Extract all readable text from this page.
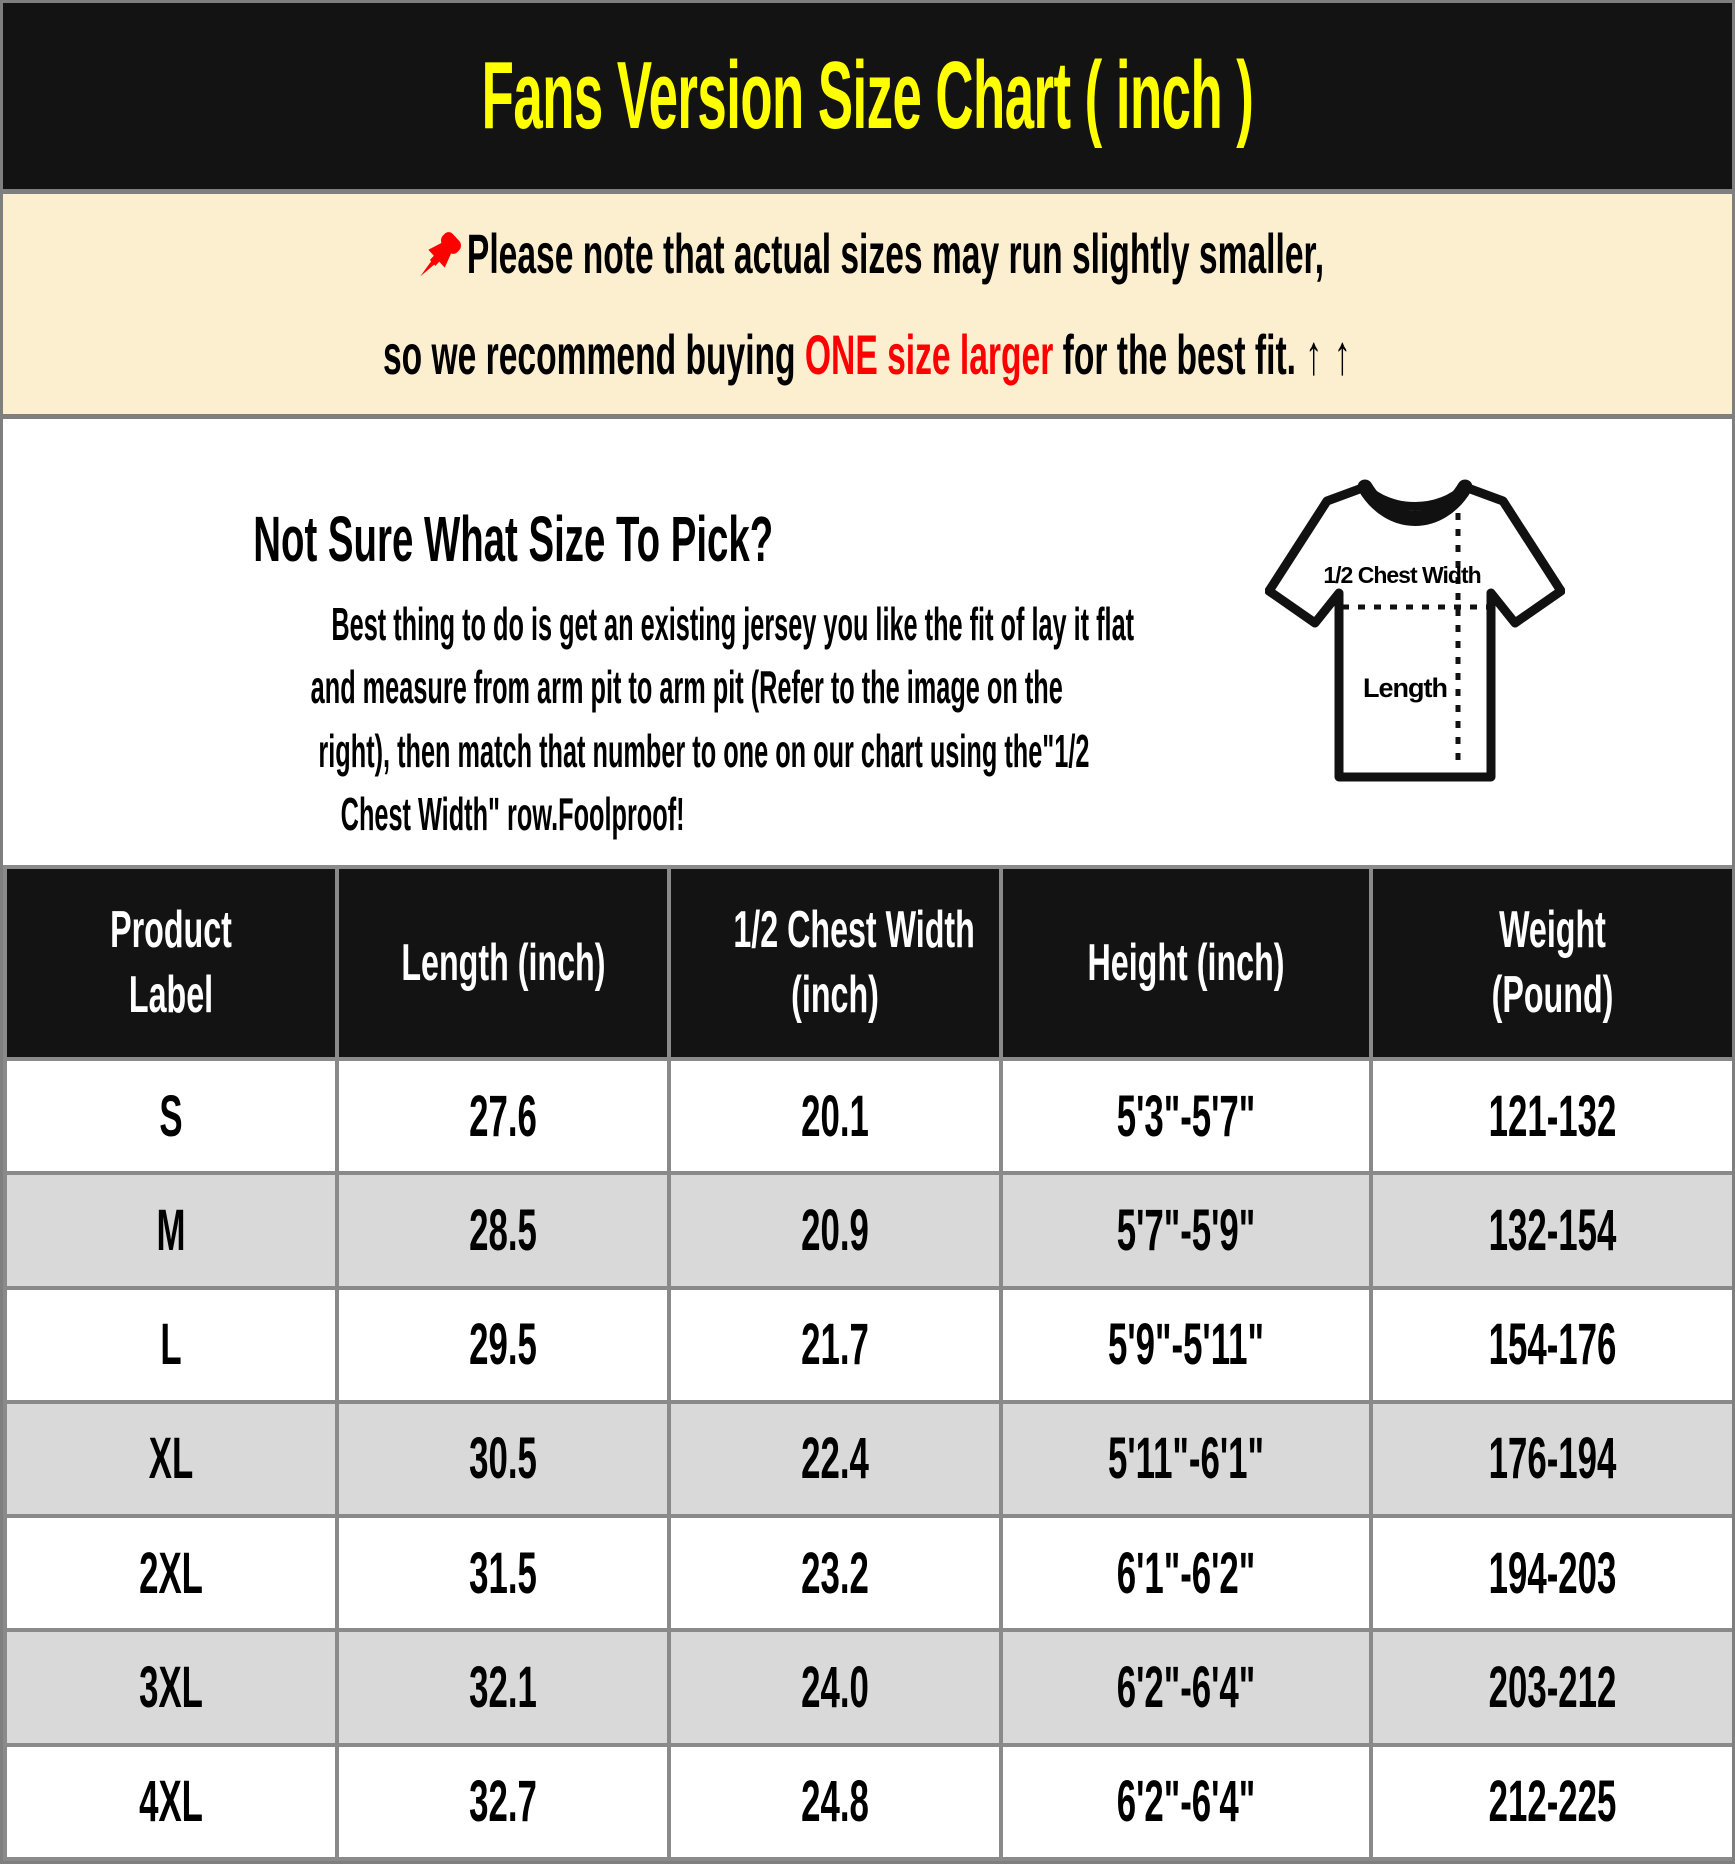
Fans Version Size Chart ( inch )
Please note that actual sizes may run slightly smaller,
so we recommend buying ONE size larger for the best fit. ↑ ↑
Not Sure What Size To Pick?
Best thing to do is get an existing jersey you like the fit of lay it flat
and measure from arm pit to arm pit (Refer to the image on the
right), then match that number to one on our chart using the"1/2
Chest Width" row.Foolproof!
1/2 Chest Width
Length
Product
Label	Length (inch)	1/2 Chest Width
(inch)	Height (inch)	Weight
(Pound)

S	27.6	20.1	5'3"-5'7"	121-132

M	28.5	20.9	5'7"-5'9"	132-154

L	29.5	21.7	5'9"-5'11"	154-176

XL	30.5	22.4	5'11"-6'1"	176-194

2XL	31.5	23.2	6'1"-6'2"	194-203

3XL	32.1	24.0	6'2"-6'4"	203-212

4XL	32.7	24.8	6'2"-6'4"	212-225
